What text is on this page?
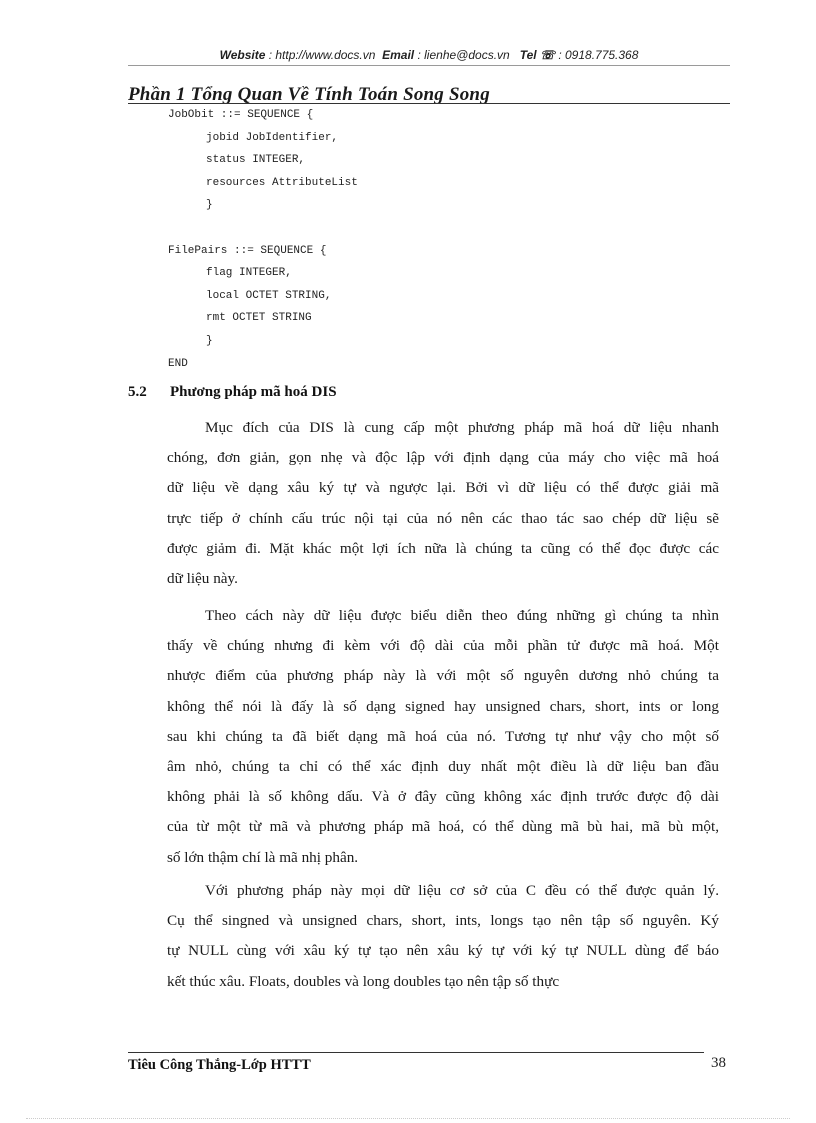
Website : http://www.docs.vn Email : lienhe@docs.vn Tel ☏ : 0918.775.368
Phần 1 Tổng Quan Về Tính Toán Song Song
JobObit ::= SEQUENCE {
jobid JobIdentifier,
status INTEGER,
resources AttributeList
}
FilePairs ::= SEQUENCE {
flag INTEGER,
local OCTET STRING,
rmt OCTET STRING
}
END
5.2 Phương pháp mã hoá DIS
Mục đích của DIS là cung cấp một phương pháp mã hoá dữ liệu nhanh
chóng, đơn giản, gọn nhẹ và độc lập với định dạng của máy cho việc mã hoá
dữ liệu về dạng xâu ký tự và ngược lại. Bởi vì dữ liệu có thể được giải mã
trực tiếp ở chính cấu trúc nội tại của nó nên các thao tác sao chép dữ liệu sẽ
được giảm đi. Mặt khác một lợi ích nữa là chúng ta cũng có thể đọc được các
dữ liệu này.
Theo cách này dữ liệu được biểu diễn theo đúng những gì chúng ta nhìn
thấy về chúng nhưng đi kèm với độ dài của mỗi phần tử được mã hoá. Một
nhược điểm của phương pháp này là với một số nguyên dương nhỏ chúng ta
không thể nói là đấy là số dạng signed hay unsigned chars, short, ints or long
sau khi chúng ta đã biết dạng mã hoá của nó. Tương tự như vậy cho một số
âm nhỏ, chúng ta chỉ có thể xác định duy nhất một điều là dữ liệu ban đầu
không phải là số không dấu. Và ở đây cũng không xác định trước được độ dài
của từ một từ mã và phương pháp mã hoá, có thể dùng mã bù hai, mã bù một,
số lớn thậm chí là mã nhị phân.
Với phương pháp này mọi dữ liệu cơ sở của C đều có thể được quản lý.
Cụ thể singned và unsigned chars, short, ints, longs tạo nên tập số nguyên. Ký
tự NULL cùng với xâu ký tự tạo nên xâu ký tự với ký tự NULL dùng để báo
kết thúc xâu. Floats, doubles và long doubles tạo nên tập số thực
Tiêu Công Thắng-Lớp HTTT	38
